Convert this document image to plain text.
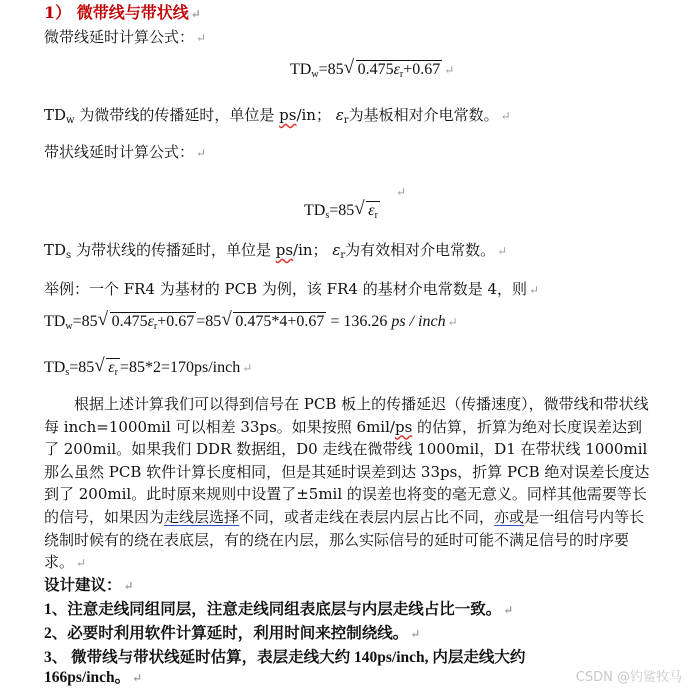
1） 微带线与带状线 ↵
微带线延时计算公式： ↵
$TD_w=85√$ $0.475\varepsilon_r+0.67$ ↵
$TD_w$ 为微带线的传播延时，单位是 ps/in； $\varepsilon_r$为基板相对介电常数。 ↵
带状线延时计算公式： ↵
↵
$TD_s=85√$ $\varepsilon_r$
$TD_s$ 为带状线的传播延时，单位是 ps/in； $\varepsilon_r$为有效相对介电常数。 ↵
举例：一个 FR4 为基材的 PCB 为例，该 FR4 的基材介电常数是 4，则 ↵
$TD_w=85√$ $0.475\varepsilon_r+0.67 =85√$ 0.475*4+0.67 = 136.26 ps / inch ↵
$TD_s=85√$ $\varepsilon_r$ =85*2=170ps/inch ↵
根据上述计算我们可以得到信号在 PCB 板上的传播延迟（传播速度），微带线和带状线每 inch=1000mil 可以相差 33ps。如果按照 6mil/ps 的估算，折算为绝对长度误差达到了 200mil。如果我们 DDR 数据组，D0 走线在微带线 1000mil，D1 在带状线 1000mil 那么虽然 PCB 软件计算长度相同，但是其延时误差到达 33ps，折算 PCB 绝对误差长度达到了 200mil。此时原来规则中设置了±5mil 的误差也将变的毫无意义。同样其他需要等长的信号，如果因为走线层选择不同，或者走线在表层内层占比不同，亦或是一组信号内等长绕制时候有的绕在表底层，有的绕在内层，那么实际信号的延时可能不满足信号的时序要求。 ↵
设计建议： ↵
1、注意走线同组同层，注意走线同组表底层与内层走线占比一致。 ↵
2、必要时利用软件计算延时，利用时间来控制绕线。 ↵
3、 微带线与带状线延时估算，表层走线大约 140ps/inch, 内层走线大约
166ps/inch。 ↵	CSDN @钓鲨牧马
